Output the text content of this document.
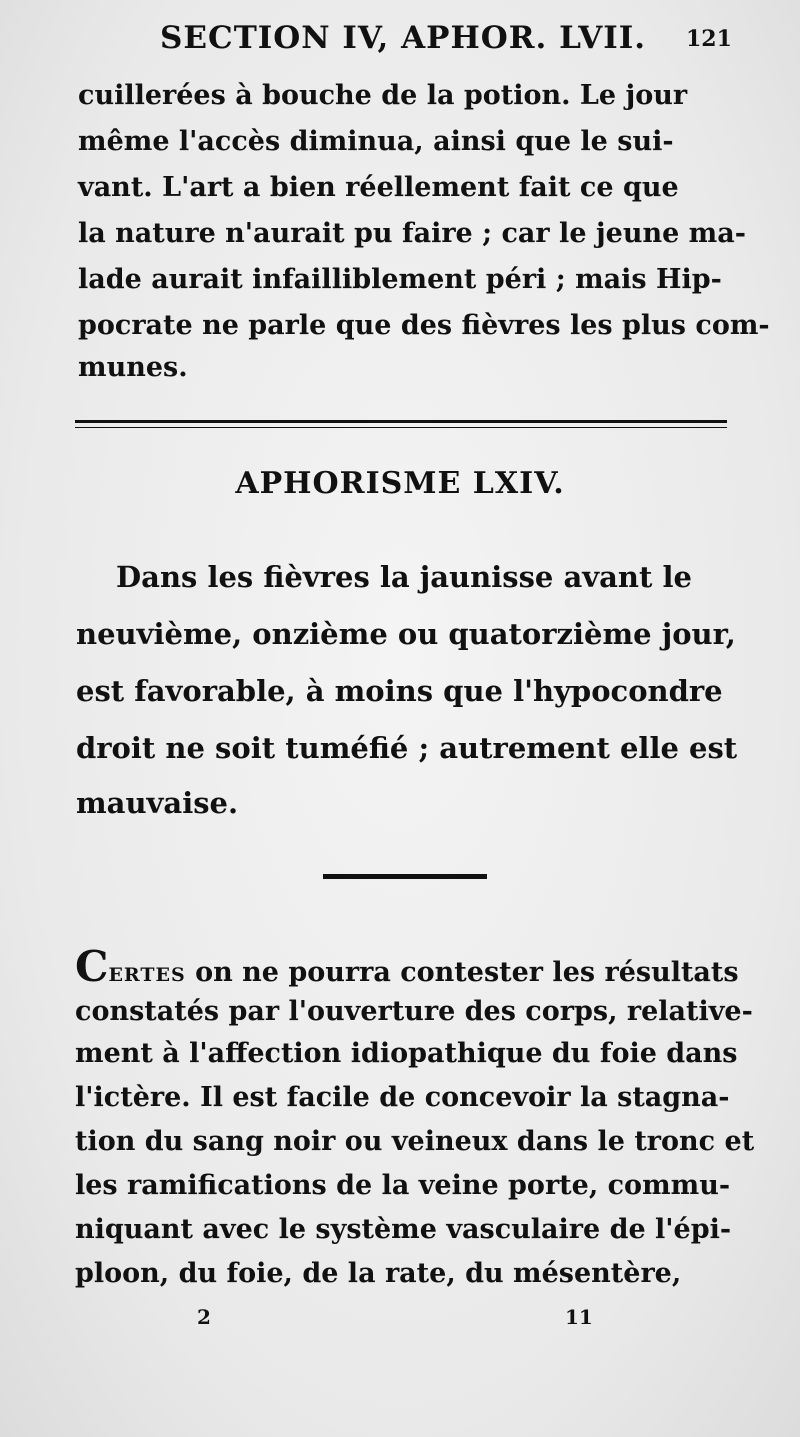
SECTION IV, APHOR. LVII. 121
cuillerées à bouche de la potion. Le jour
même l'accès diminua, ainsi que le sui-
vant. L'art a bien réellement fait ce que
la nature n'aurait pu faire ; car le jeune ma-
lade aurait infailliblement péri ; mais Hip-
pocrate ne parle que des fièvres les plus com-
munes.
APHORISME LXIV.
Dans les fièvres la jaunisse avant le
neuvième, onzième ou quatorzième jour,
est favorable, à moins que l'hypocondre
droit ne soit tuméfié ; autrement elle est
mauvaise.
Certes on ne pourra contester les résultats
constatés par l'ouverture des corps, relative-
ment à l'affection idiopathique du foie dans
l'ictère. Il est facile de concevoir la stagna-
tion du sang noir ou veineux dans le tronc et
les ramifications de la veine porte, commu-
niquant avec le système vasculaire de l'épi-
ploon, du foie, de la rate, du mésentère,
2	11
